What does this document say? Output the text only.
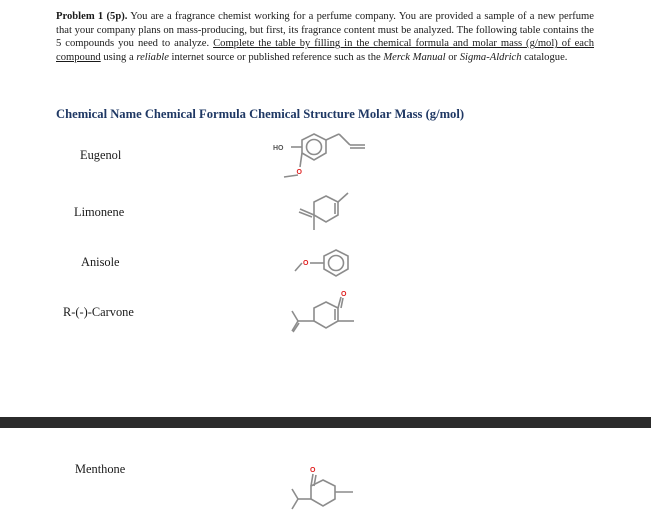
Problem 1 (5p). You are a fragrance chemist working for a perfume company. You are provided a sample of a new perfume that your company plans on mass-producing, but first, its fragrance content must be analyzed. The following table contains the 5 compounds you need to analyze. Complete the table by filling in the chemical formula and molar mass (g/mol) of each compound using a reliable internet source or published reference such as the Merck Manual or Sigma-Aldrich catalogue.
Chemical Name Chemical Formula Chemical Structure Molar Mass (g/mol)
Eugenol
Limonene
Anisole
R-(-)-Carvone
Menthone
HO
O
O
O
O
